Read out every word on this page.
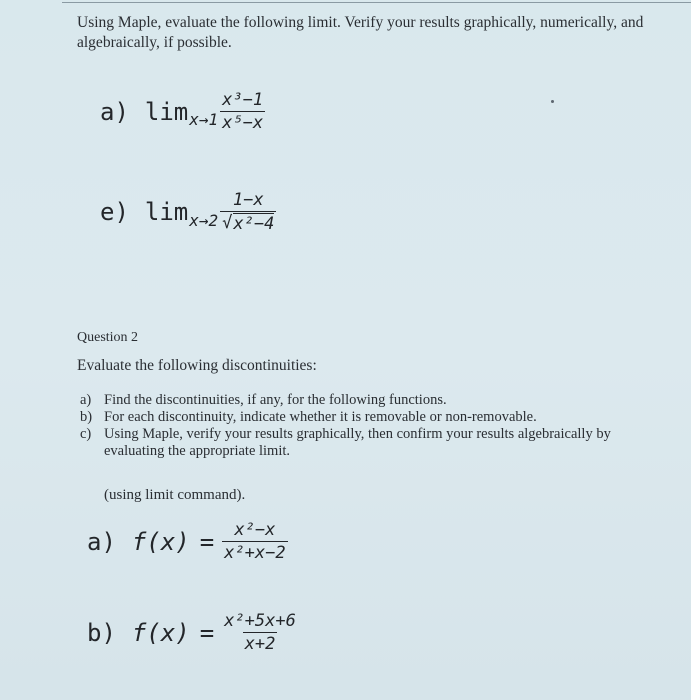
Using Maple, evaluate the following limit. Verify your results graphically, numerically, and algebraically, if possible.
a) $\lim x\to 1 \frac{\text{x³−1}}{\text{x⁵−x}}$
e) $\lim x\to 2 \frac{1-x}{\text{√ x²−4}}$
Question 2
Evaluate the following discontinuities:
a) Find the discontinuities, if any, for the following functions.
b) For each discontinuity, indicate whether it is removable or non-removable.
c) Using Maple, verify your results graphically, then confirm your results algebraically by evaluating the appropriate limit.
(using limit command).
a) $f(x) = \frac{\text{x²−x}}{\text{x²+x−2}}$
b) $f(x) = \frac{\text{x²+5x+6}}{x+2}$
